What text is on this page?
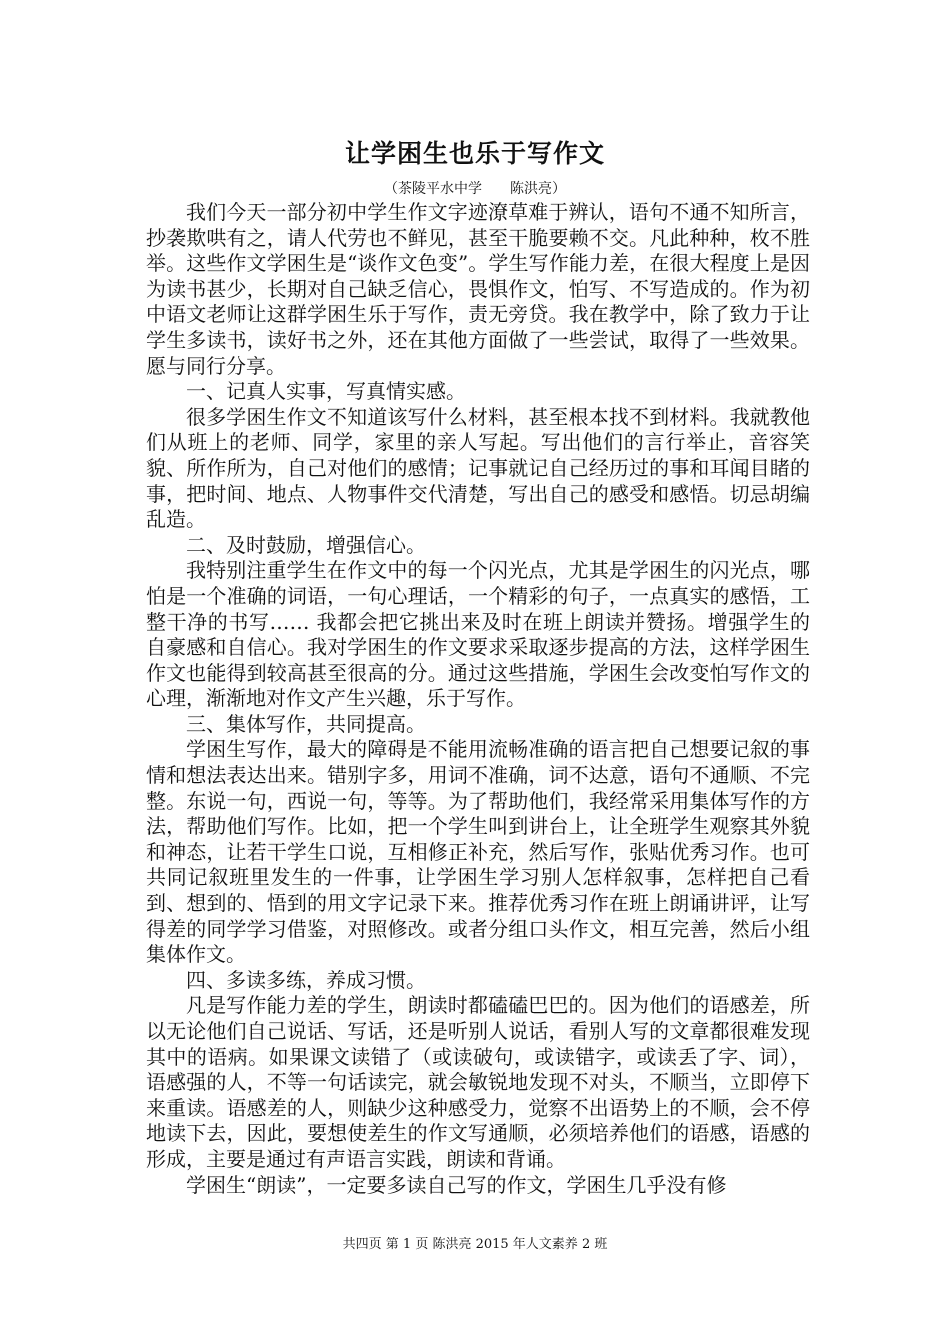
让学困生也乐于写作文
（茶陵平水中学　　陈洪亮）

我们今天一部分初中学生作文字迹潦草难于辨认，语句不通不知所言，抄袭欺哄有之，请人代劳也不鲜见，甚至干脆要赖不交。凡此种种，枚不胜举。这些作文学困生是“谈作文色变”。学生写作能力差，在很大程度上是因为读书甚少，长期对自己缺乏信心，畏惧作文，怕写、不写造成的。作为初中语文老师让这群学困生乐于写作，责无旁贷。我在教学中，除了致力于让学生多读书，读好书之外，还在其他方面做了一些尝试，取得了一些效果。愿与同行分享。

一、记真人实事，写真情实感。

很多学困生作文不知道该写什么材料，甚至根本找不到材料。我就教他们从班上的老师、同学，家里的亲人写起。写出他们的言行举止，音容笑貌、所作所为，自己对他们的感情；记事就记自己经历过的事和耳闻目睹的事，把时间、地点、人物事件交代清楚，写出自己的感受和感悟。切忌胡编乱造。

二、及时鼓励，增强信心。

我特别注重学生在作文中的每一个闪光点，尤其是学困生的闪光点，哪怕是一个准确的词语，一句心理话，一个精彩的句子，一点真实的感悟，工整干净的书写…… 我都会把它挑出来及时在班上朗读并赞扬。增强学生的自豪感和自信心。我对学困生的作文要求采取逐步提高的方法，这样学困生作文也能得到较高甚至很高的分。通过这些措施，学困生会改变怕写作文的心理，渐渐地对作文产生兴趣，乐于写作。

三、集体写作，共同提高。

学困生写作，最大的障碍是不能用流畅准确的语言把自己想要记叙的事情和想法表达出来。错别字多，用词不准确，词不达意，语句不通顺、不完整。东说一句，西说一句，等等。为了帮助他们，我经常采用集体写作的方法，帮助他们写作。比如，把一个学生叫到讲台上，让全班学生观察其外貌和神态，让若干学生口说，互相修正补充，然后写作，张贴优秀习作。也可共同记叙班里发生的一件事，让学困生学习别人怎样叙事，怎样把自己看到、想到的、悟到的用文字记录下来。推荐优秀习作在班上朗诵讲评，让写得差的同学学习借鉴，对照修改。或者分组口头作文，相互完善，然后小组集体作文。

四、多读多练，养成习惯。

凡是写作能力差的学生，朗读时都磕磕巴巴的。因为他们的语感差，所以无论他们自己说话、写话，还是听别人说话，看别人写的文章都很难发现其中的语病。如果课文读错了（或读破句，或读错字，或读丢了字、词），语感强的人，不等一句话读完，就会敏锐地发现不对头，不顺当，立即停下来重读。语感差的人，则缺少这种感受力，觉察不出语势上的不顺，会不停地读下去，因此，要想使差生的作文写通顺，必须培养他们的语感，语感的形成，主要是通过有声语言实践，朗读和背诵。

学困生“朗读”，一定要多读自己写的作文，学困生几乎没有修

共四页 第 1 页 陈洪亮 2015 年人文素养 2 班
